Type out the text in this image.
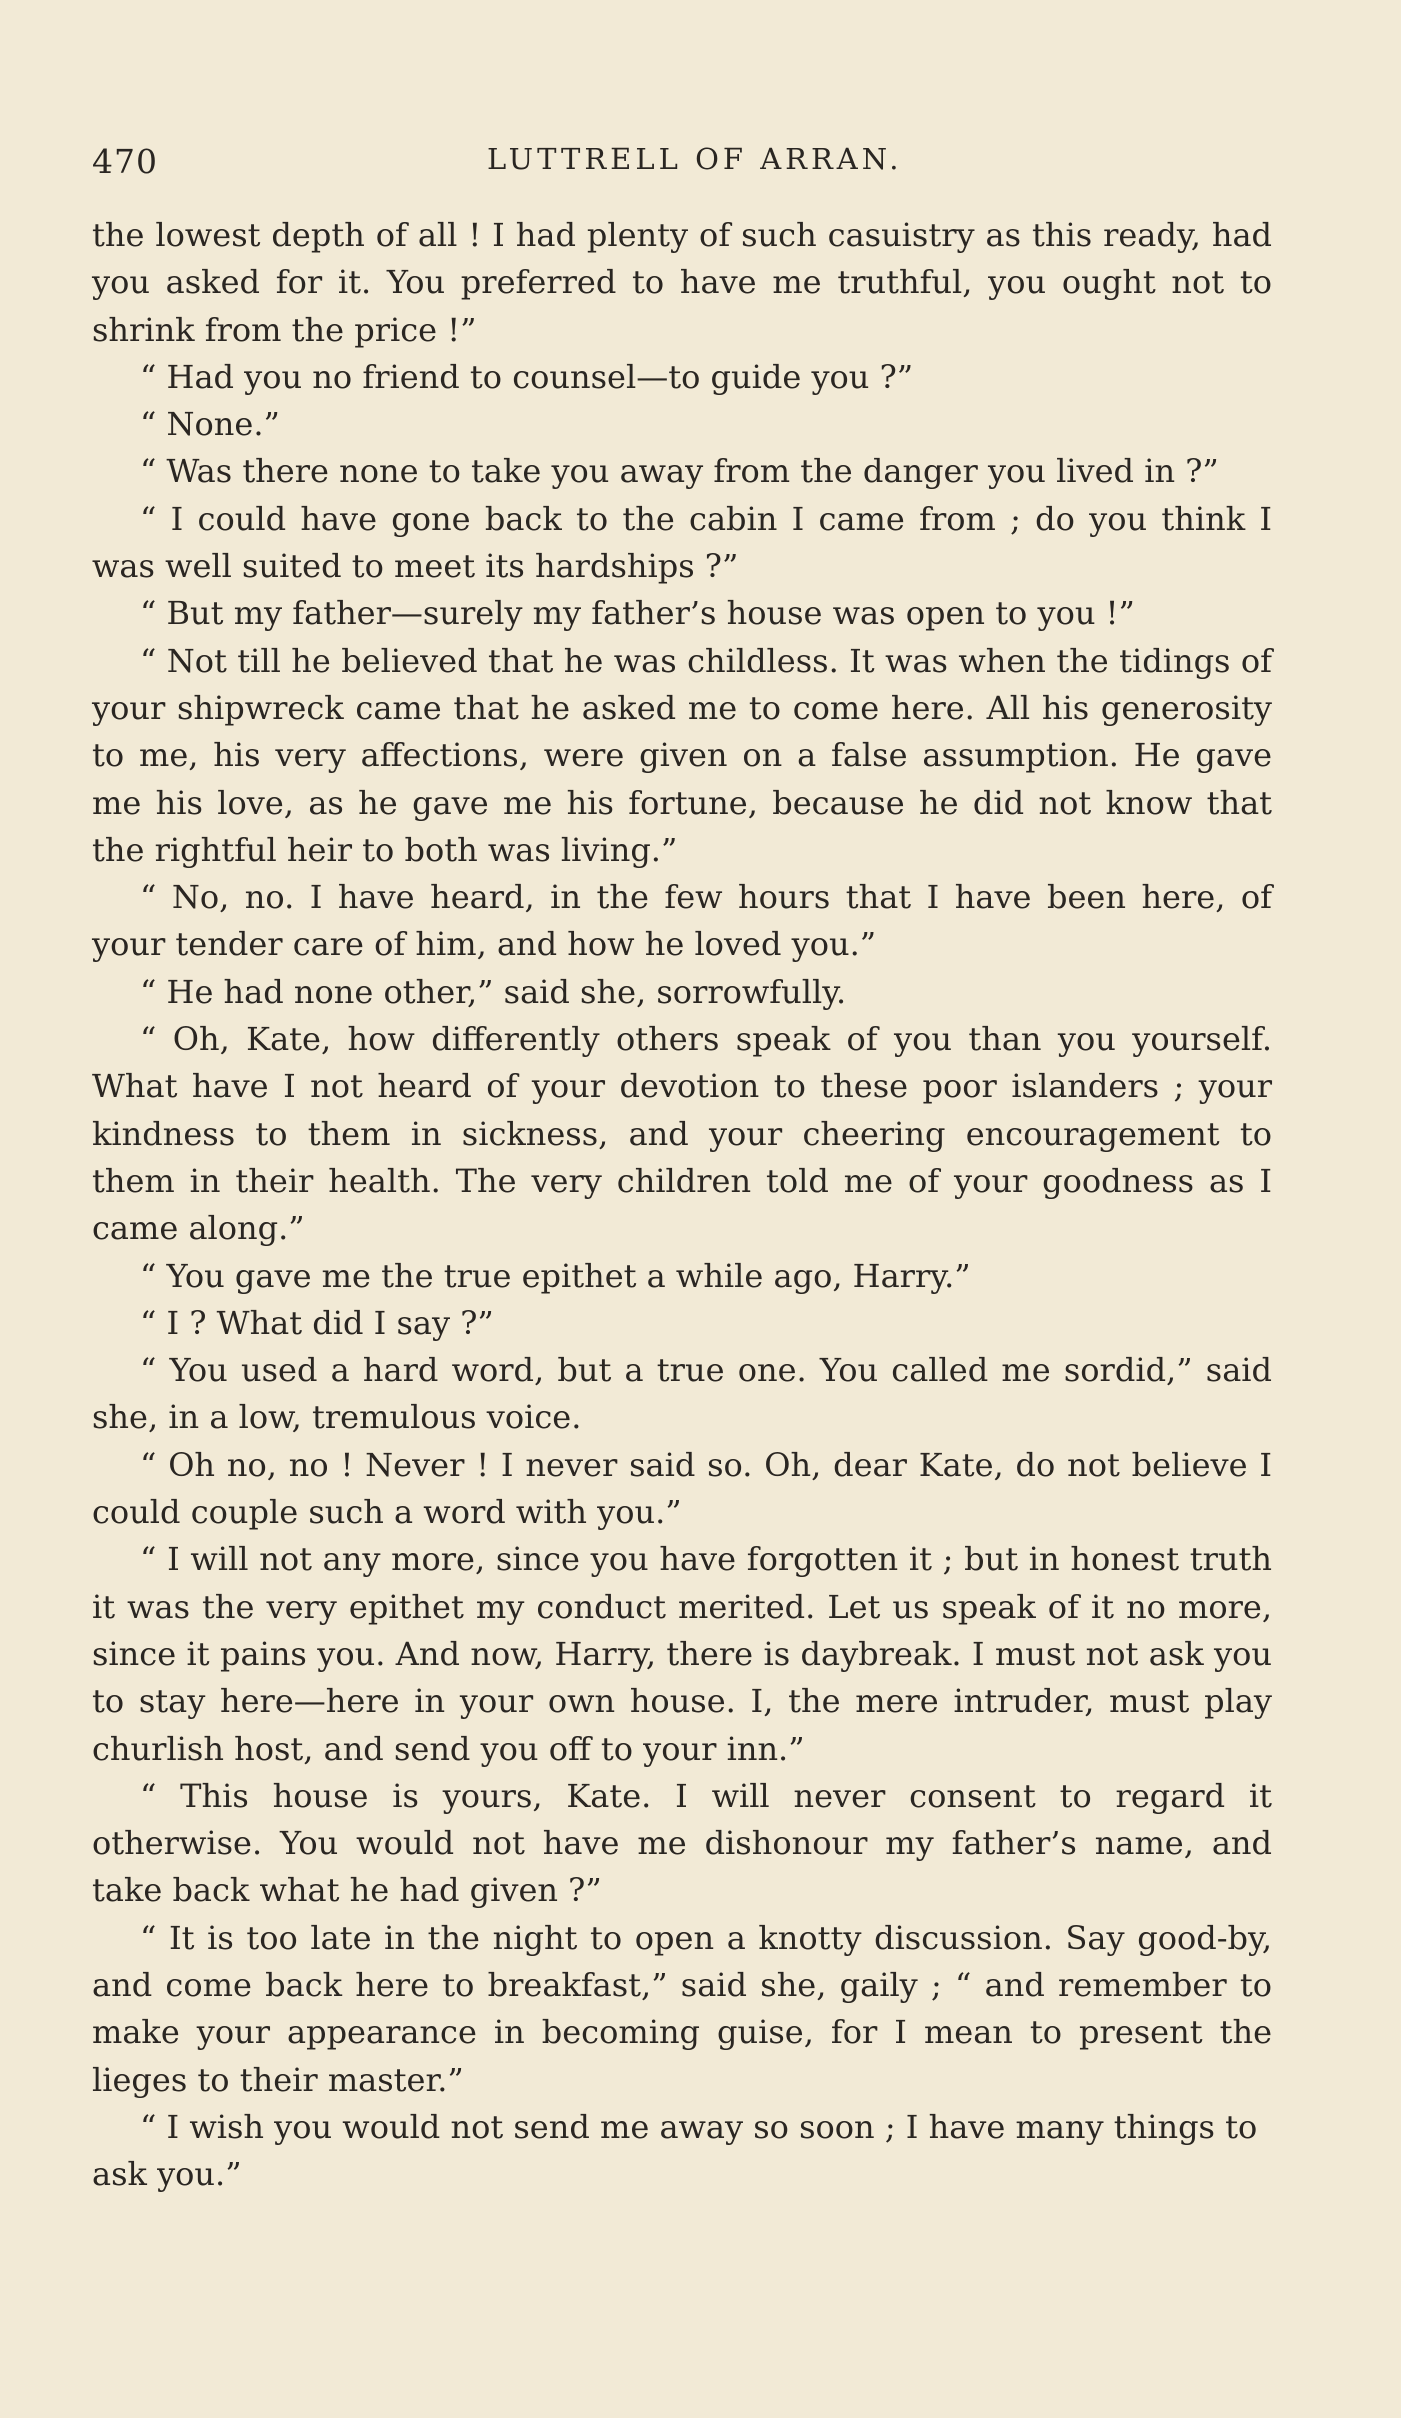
470	LUTTRELL OF ARRAN.

the lowest depth of all ! I had plenty of such casuistry as this ready, had you asked for it. You preferred to have me truthful, you ought not to shrink from the price !”

“ Had you no friend to counsel—to guide you ?”

“ None.”

“ Was there none to take you away from the danger you lived in ?”

“ I could have gone back to the cabin I came from ; do you think I was well suited to meet its hardships ?”

“ But my father—surely my father’s house was open to you !”

“ Not till he believed that he was childless. It was when the tidings of your shipwreck came that he asked me to come here. All his generosity to me, his very affections, were given on a false assumption. He gave me his love, as he gave me his fortune, because he did not know that the rightful heir to both was living.”

“ No, no. I have heard, in the few hours that I have been here, of your tender care of him, and how he loved you.”

“ He had none other,” said she, sorrowfully.

“ Oh, Kate, how differently others speak of you than you yourself. What have I not heard of your devotion to these poor islanders ; your kindness to them in sickness, and your cheering encouragement to them in their health. The very children told me of your goodness as I came along.”

“ You gave me the true epithet a while ago, Harry.”

“ I ? What did I say ?”

“ You used a hard word, but a true one. You called me sordid,” said she, in a low, tremulous voice.

“ Oh no, no ! Never ! I never said so. Oh, dear Kate, do not believe I could couple such a word with you.”

“ I will not any more, since you have forgotten it ; but in honest truth it was the very epithet my conduct merited. Let us speak of it no more, since it pains you. And now, Harry, there is daybreak. I must not ask you to stay here—here in your own house. I, the mere intruder, must play churlish host, and send you off to your inn.”

“ This house is yours, Kate. I will never consent to regard it otherwise. You would not have me dishonour my father’s name, and take back what he had given ?”

“ It is too late in the night to open a knotty discussion. Say good-by, and come back here to breakfast,” said she, gaily ; “ and remember to make your appearance in becoming guise, for I mean to present the lieges to their master.”

“ I wish you would not send me away so soon ; I have many things to ask you.”
